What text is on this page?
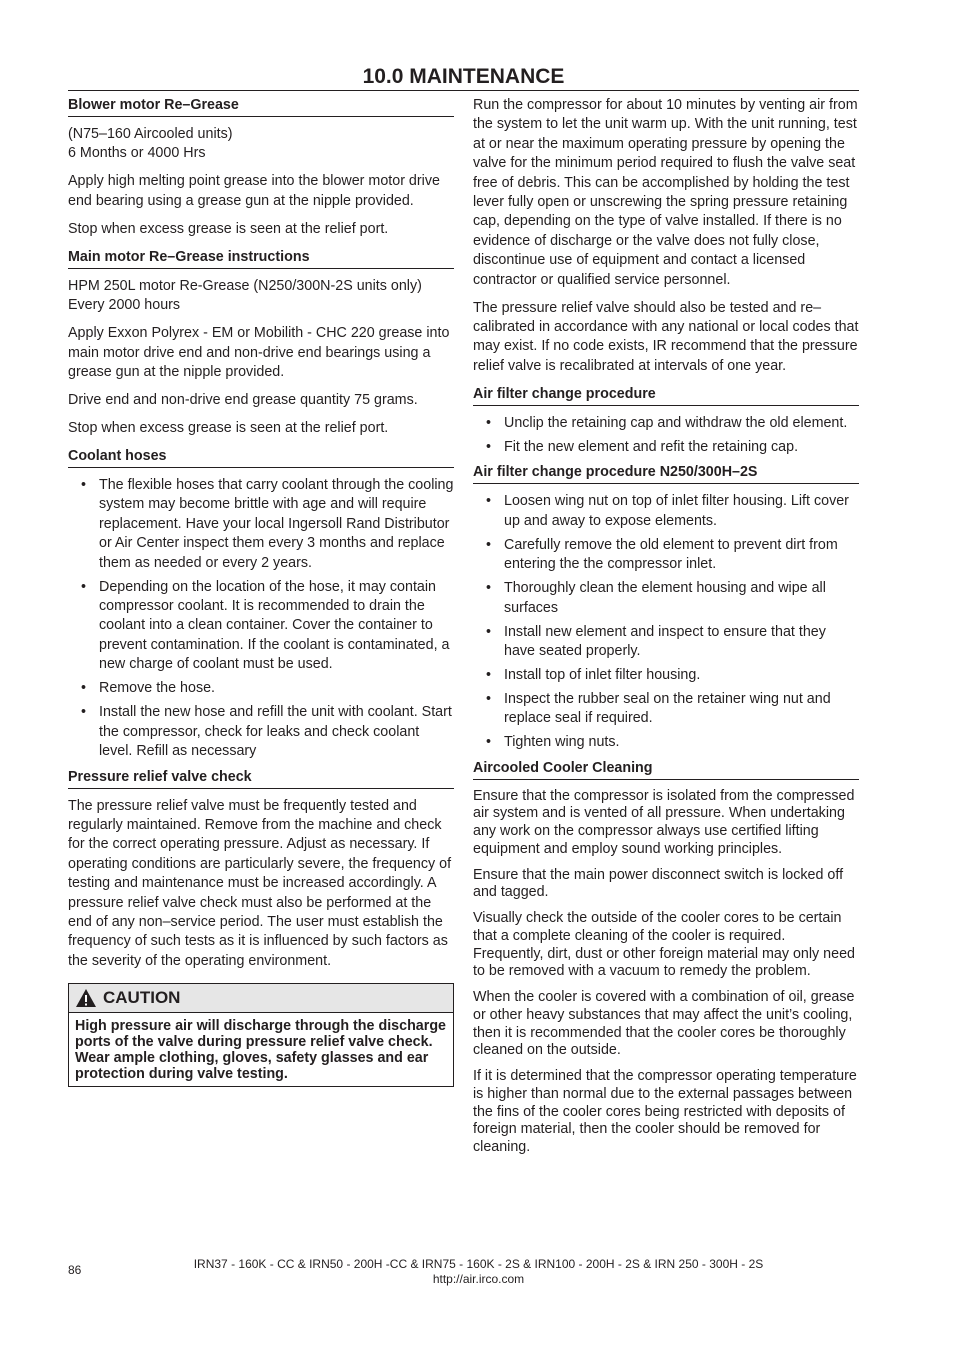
10.0 MAINTENANCE
Blower motor Re–Grease

(N75–160 Aircooled units)
6 Months or 4000 Hrs

Apply high melting point grease into the blower motor drive end bearing using a grease gun at the nipple provided.

Stop when excess grease is seen at the relief port.

Main motor Re–Grease instructions

HPM 250L motor Re-Grease (N250/300N-2S units only)
Every 2000 hours

Apply Exxon Polyrex - EM or Mobilith - CHC 220 grease into main motor drive end and non-drive end bearings using a grease gun at the nipple provided.

Drive end and non-drive end grease quantity 75 grams.

Stop when excess grease is seen at the relief port.

Coolant hoses
• The flexible hoses that carry coolant through the cooling system may become brittle with age and will require replacement. Have your local Ingersoll Rand Distributor or Air Center inspect them every 3 months and replace them as needed or every 2 years.
• Depending on the location of the hose, it may contain compressor coolant. It is recommended to drain the coolant into a clean container. Cover the container to prevent contamination. If the coolant is contaminated, a new charge of coolant must be used.
• Remove the hose.
• Install the new hose and refill the unit with coolant. Start the compressor, check for leaks and check coolant level. Refill as necessary
Pressure relief valve check

The pressure relief valve must be frequently tested and regularly maintained. Remove from the machine and check for the correct operating pressure. Adjust as necessary. If operating conditions are particularly severe, the frequency of testing and maintenance must be increased accordingly. A pressure relief valve check must also be performed at the end of any non–service period. The user must establish the frequency of such tests as it is influenced by such factors as the severity of the operating environment.

CAUTION
High pressure air will discharge through the discharge ports of the valve during pressure relief valve check. Wear ample clothing, gloves, safety glasses and ear protection during valve testing.

Run the compressor for about 10 minutes by venting air from the system to let the unit warm up. With the unit running, test at or near the maximum operating pressure by opening the valve for the minimum period required to flush the valve seat free of debris. This can be accomplished by holding the test lever fully open or unscrewing the spring pressure retaining cap, depending on the type of valve installed. If there is no evidence of discharge or the valve does not fully close, discontinue use of equipment and contact a licensed contractor or qualified service personnel.

The pressure relief valve should also be tested and re–calibrated in accordance with any national or local codes that may exist. If no code exists, IR recommend that the pressure relief valve is recalibrated at intervals of one year.

Air filter change procedure
• Unclip the retaining cap and withdraw the old element.
• Fit the new element and refit the retaining cap.
Air filter change procedure N250/300H–2S
• Loosen wing nut on top of inlet filter housing. Lift cover up and away to expose elements.
• Carefully remove the old element to prevent dirt from entering the the compressor inlet.
• Thoroughly clean the element housing and wipe all surfaces
• Install new element and inspect to ensure that they have seated properly.
• Install top of inlet filter housing.
• Inspect the rubber seal on the retainer wing nut and replace seal if required.
• Tighten wing nuts.
Aircooled Cooler Cleaning

Ensure that the compressor is isolated from the compressed air system and is vented of all pressure. When undertaking any work on the compressor always use certified lifting equipment and employ sound working principles.

Ensure that the main power disconnect switch is locked off and tagged.

Visually check the outside of the cooler cores to be certain that a complete cleaning of the cooler is required. Frequently, dirt, dust or other foreign material may only need to be removed with a vacuum to remedy the problem.

When the cooler is covered with a combination of oil, grease or other heavy substances that may affect the unit’s cooling, then it is recommended that the cooler cores be thoroughly cleaned on the outside.

If it is determined that the compressor operating temperature is higher than normal due to the external passages between the fins of the cooler cores being restricted with deposits of foreign material, then the cooler should be removed for cleaning.

86	IRN37 - 160K - CC & IRN50 - 200H -CC & IRN75 - 160K - 2S & IRN100 - 200H - 2S & IRN 250 - 300H - 2S
http://air.irco.com
